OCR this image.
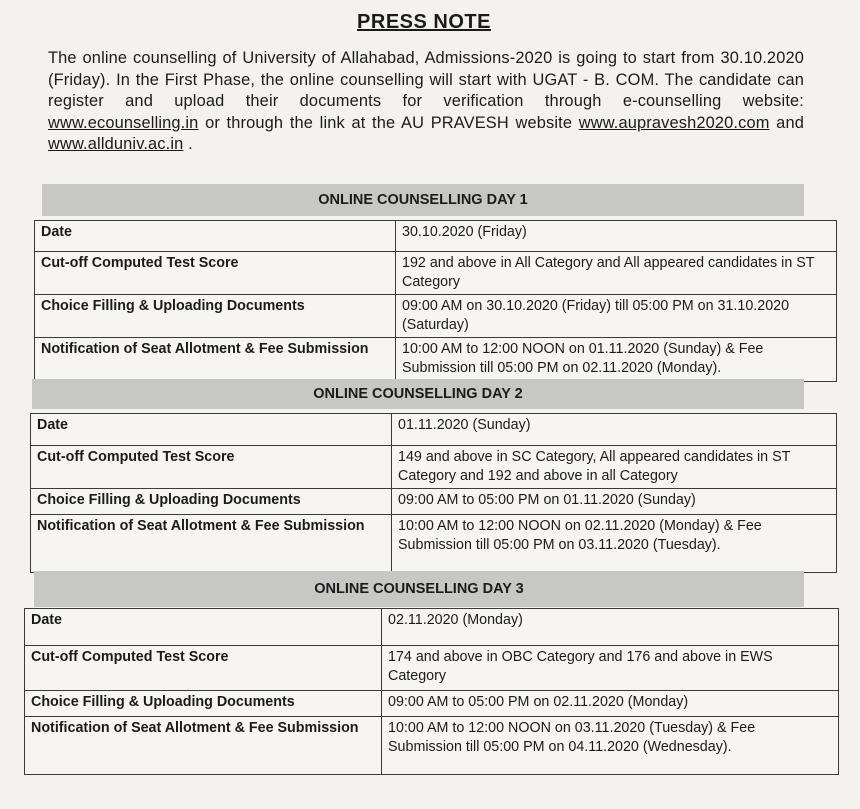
PRESS NOTE
The online counselling of University of Allahabad, Admissions-2020 is going to start from 30.10.2020 (Friday). In the First Phase, the online counselling will start with UGAT - B. COM. The candidate can register and upload their documents for verification through e-counselling website: www.ecounselling.in or through the link at the AU PRAVESH website www.aupravesh2020.com and www.allduniv.ac.in .
ONLINE COUNSELLING DAY 1
Date	30.10.2020 (Friday)
Cut-off Computed Test Score	192 and above in All Category and All appeared candidates in ST Category
Choice Filling & Uploading Documents	09:00 AM on 30.10.2020 (Friday) till 05:00 PM on 31.10.2020 (Saturday)
Notification of Seat Allotment & Fee Submission	10:00 AM to 12:00 NOON on 01.11.2020 (Sunday) & Fee Submission till 05:00 PM on 02.11.2020 (Monday).
ONLINE COUNSELLING DAY 2
Date	01.11.2020 (Sunday)
Cut-off Computed Test Score	149 and above in SC Category, All appeared candidates in ST Category and 192 and above in all Category
Choice Filling & Uploading Documents	09:00 AM to 05:00 PM on 01.11.2020 (Sunday)
Notification of Seat Allotment & Fee Submission	10:00 AM to 12:00 NOON on 02.11.2020 (Monday) & Fee Submission till 05:00 PM on 03.11.2020 (Tuesday).
ONLINE COUNSELLING DAY 3
Date	02.11.2020 (Monday)
Cut-off Computed Test Score	174 and above in OBC Category and 176 and above in EWS Category
Choice Filling & Uploading Documents	09:00 AM to 05:00 PM on 02.11.2020 (Monday)
Notification of Seat Allotment & Fee Submission	10:00 AM to 12:00 NOON on 03.11.2020 (Tuesday) & Fee Submission till 05:00 PM on 04.11.2020 (Wednesday).
